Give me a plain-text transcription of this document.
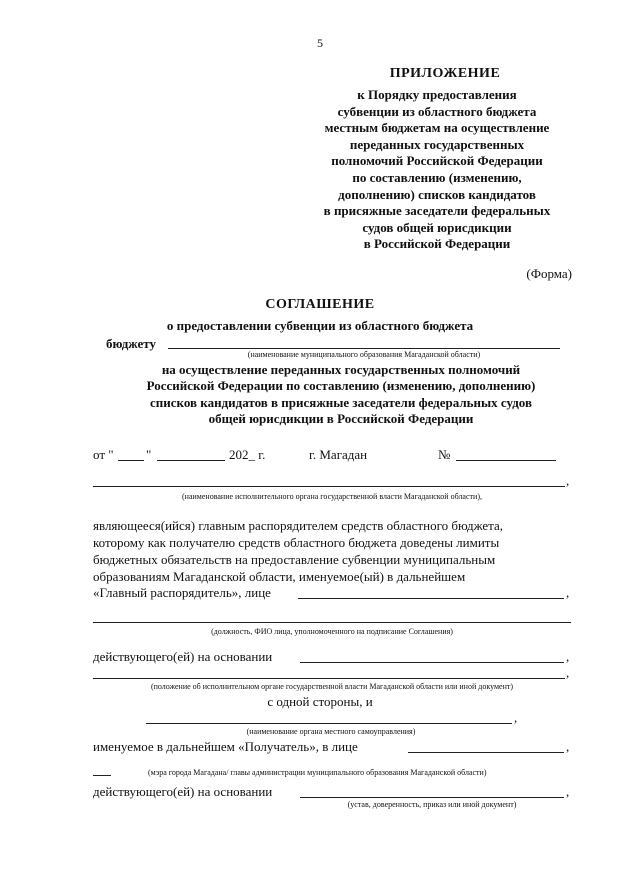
5
ПРИЛОЖЕНИЕ
к Порядку предоставления
субвенции из областного бюджета
местным бюджетам на осуществление
переданных государственных
полномочий Российской Федерации
по составлению (изменению,
дополнению) списков кандидатов
в присяжные заседатели федеральных
судов общей юрисдикции
в Российской Федерации
(Форма)
СОГЛАШЕНИЕ
о предоставлении субвенции из областного бюджета
бюджету
(наименование муниципального образования Магаданской области)
на осуществление переданных государственных полномочий
Российской Федерации по составлению (изменению, дополнению)
списков кандидатов в присяжные заседатели федеральных судов
общей юрисдикции в Российской Федерации
от " "	202_ г.	г. Магадан	№
,
(наименование исполнительного органа государственной власти Магаданской области),
являющееся(ийся) главным распорядителем средств областного бюджета,
которому как получателю средств областного бюджета доведены лимиты
бюджетных обязательств на предоставление субвенции муниципальным
образованиям Магаданской области, именуемое(ый) в дальнейшем
«Главный распорядитель», лице	,
(должность, ФИО лица, уполномоченного на подписание Соглашения)
действующего(ей) на основании	,
,
(положение об исполнительном органе государственной власти Магаданской области или иной документ)
с одной стороны, и
,
(наименование органа местного самоуправления)
именуемое в дальнейшем «Получатель», в лице	,
(мэра города Магадана/ главы администрации муниципального образования Магаданской области)
действующего(ей) на основании	,
(устав, доверенность, приказ или иной документ)
